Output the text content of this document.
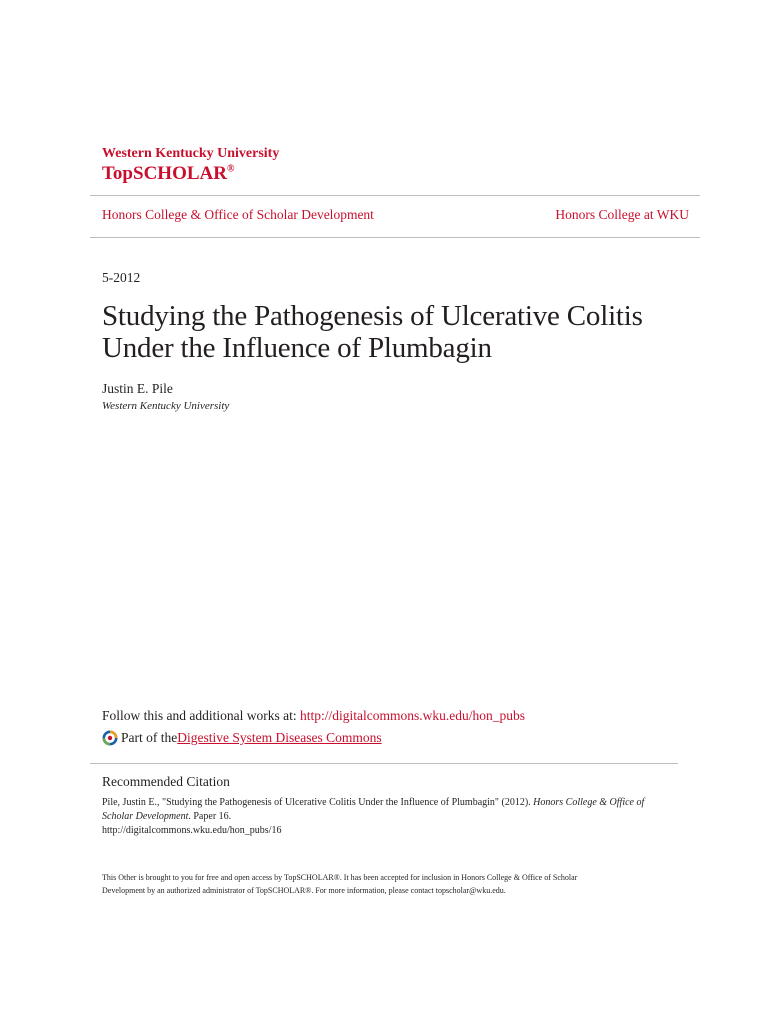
Western Kentucky University
TopSCHOLAR®
Honors College & Office of Scholar Development	Honors College at WKU
5-2012
Studying the Pathogenesis of Ulcerative Colitis
Under the Influence of Plumbagin
Justin E. Pile
Western Kentucky University
Follow this and additional works at: http://digitalcommons.wku.edu/hon_pubs
Part of the Digestive System Diseases Commons
Recommended Citation
Pile, Justin E., "Studying the Pathogenesis of Ulcerative Colitis Under the Influence of Plumbagin" (2012). Honors College & Office of
Scholar Development. Paper 16.
http://digitalcommons.wku.edu/hon_pubs/16
This Other is brought to you for free and open access by TopSCHOLAR®. It has been accepted for inclusion in Honors College & Office of Scholar
Development by an authorized administrator of TopSCHOLAR®. For more information, please contact topscholar@wku.edu.
